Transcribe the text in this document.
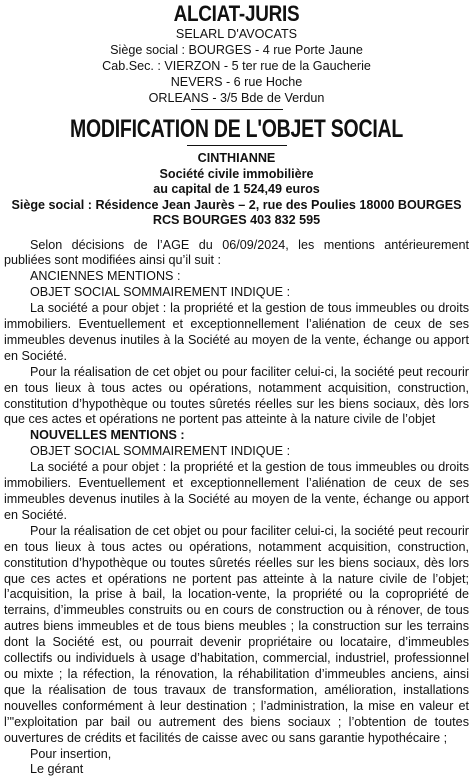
ALCIAT-JURIS
SELARL D'AVOCATS
Siège social : BOURGES - 4 rue Porte Jaune
Cab.Sec. : VIERZON - 5 ter rue de la Gaucherie
NEVERS - 6 rue Hoche
ORLEANS - 3/5 Bde de Verdun
MODIFICATION DE L'OBJET SOCIAL
CINTHIANNE
Société civile immobilière
au capital de 1 524,49 euros
Siège social : Résidence Jean Jaurès – 2, rue des Poulies 18000 BOURGES
RCS BOURGES 403 832 595

Selon décisions de l’AGE du 06/09/2024, les mentions antérieurement publiées sont modifiées ainsi qu’il suit :

ANCIENNES MENTIONS :

OBJET SOCIAL SOMMAIREMENT INDIQUE :

La société a pour objet : la propriété et la gestion de tous immeubles ou droits immobiliers. Eventuellement et exceptionnellement l’aliénation de ceux de ses immeubles devenus inutiles à la Société au moyen de la vente, échange ou apport en Société.

Pour la réalisation de cet objet ou pour faciliter celui-ci, la société peut recourir en tous lieux à tous actes ou opérations, notamment acquisition, construction, constitution d’hypothèque ou toutes sûretés réelles sur les biens sociaux, dès lors que ces actes et opérations ne portent pas atteinte à la nature civile de l’objet

NOUVELLES MENTIONS :

OBJET SOCIAL SOMMAIREMENT INDIQUE :

La société a pour objet : la propriété et la gestion de tous immeubles ou droits immobiliers. Eventuellement et exceptionnellement l’aliénation de ceux de ses immeubles devenus inutiles à la Société au moyen de la vente, échange ou apport en Société.

Pour la réalisation de cet objet ou pour faciliter celui-ci, la société peut recourir en tous lieux à tous actes ou opérations, notamment acquisition, construction, constitution d’hypothèque ou toutes sûretés réelles sur les biens sociaux, dès lors que ces actes et opérations ne portent pas atteinte à la nature civile de l’objet; l’acquisition, la prise à bail, la location-vente, la propriété ou la copropriété de terrains, d’immeubles construits ou en cours de construction ou à rénover, de tous autres biens immeubles et de tous biens meubles ; la construction sur les terrains dont la Société est, ou pourrait devenir propriétaire ou locataire, d’immeubles collectifs ou individuels à usage d’habitation, commercial, industriel, professionnel ou mixte ; la réfection, la rénovation, la réhabilitation d’immeubles anciens, ainsi que la réalisation de tous travaux de transformation, amélioration, installations nouvelles conformément à leur destination ; l’administration, la mise en valeur et l’"exploitation par bail ou autrement des biens sociaux ; l’obtention de toutes ouvertures de crédits et facilités de caisse avec ou sans garantie hypothécaire ;

Pour insertion,

Le gérant
